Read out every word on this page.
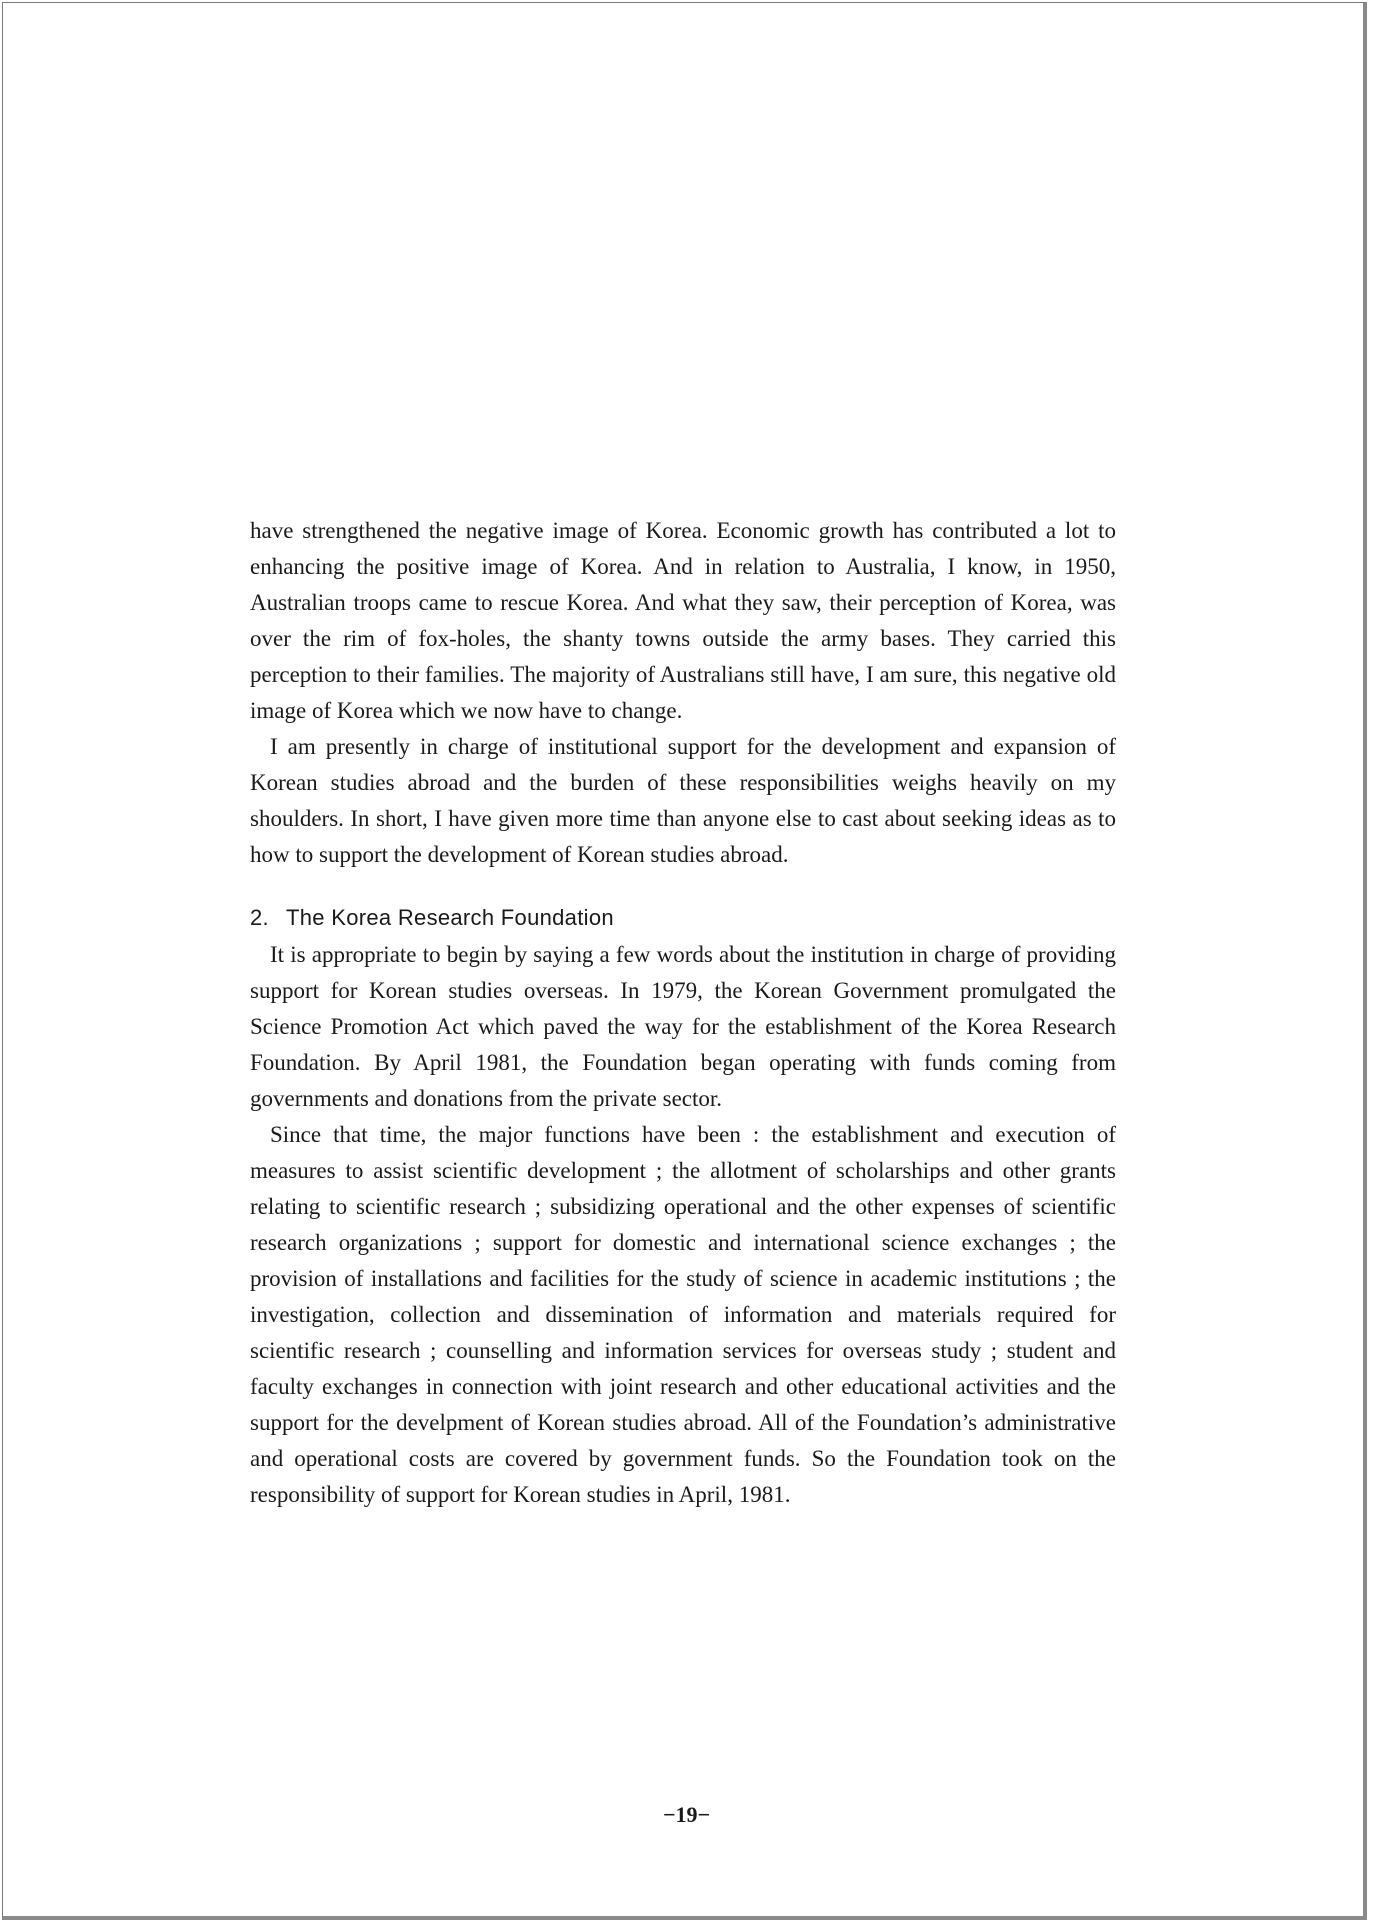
have strengthened the negative image of Korea. Economic growth has contributed a lot to enhancing the positive image of Korea. And in relation to Australia, I know, in 1950, Australian troops came to rescue Korea. And what they saw, their perception of Korea, was over the rim of fox-holes, the shanty towns outside the army bases. They carried this perception to their families. The majority of Australians still have, I am sure, this negative old image of Korea which we now have to change.

I am presently in charge of institutional support for the development and expansion of Korean studies abroad and the burden of these responsibilities weighs heavily on my shoulders. In short, I have given more time than anyone else to cast about seeking ideas as to how to support the development of Korean studies abroad.

2. The Korea Research Foundation

It is appropriate to begin by saying a few words about the institution in charge of providing support for Korean studies overseas. In 1979, the Korean Government promulgated the Science Promotion Act which paved the way for the establishment of the Korea Research Foundation. By April 1981, the Foundation began operating with funds coming from governments and donations from the private sector.

Since that time, the major functions have been : the establishment and execution of measures to assist scientific development ; the allotment of scholarships and other grants relating to scientific research ; subsidizing operational and the other expenses of scientific research organizations ; support for domestic and international science exchanges ; the provision of installations and facilities for the study of science in academic institutions ; the investigation, collection and dissemination of information and materials required for scientific research ; counselling and information services for overseas study ; student and faculty exchanges in connection with joint research and other educational activities and the support for the develpment of Korean studies abroad. All of the Foundation’s administrative and operational costs are covered by government funds. So the Foundation took on the responsibility of support for Korean studies in April, 1981.

−19−
